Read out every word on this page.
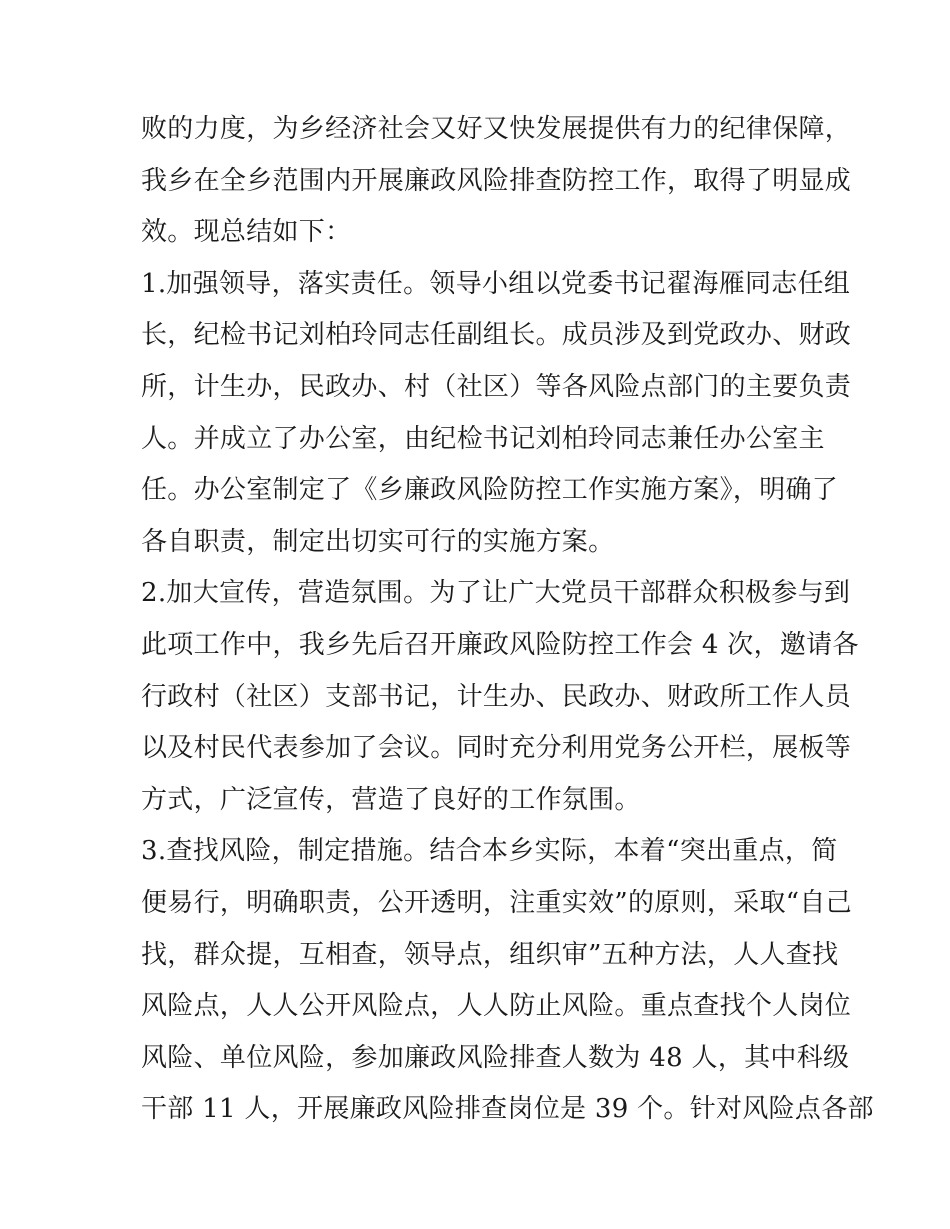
败的力度，为乡经济社会又好又快发展提供有力的纪律保障，
我乡在全乡范围内开展廉政风险排查防控工作，取得了明显成
效。现总结如下：
1.加强领导，落实责任。领导小组以党委书记翟海雁同志任组
长，纪检书记刘柏玲同志任副组长。成员涉及到党政办、财政
所，计生办，民政办、村（社区）等各风险点部门的主要负责
人。并成立了办公室，由纪检书记刘柏玲同志兼任办公室主
任。办公室制定了《乡廉政风险防控工作实施方案》，明确了
各自职责，制定出切实可行的实施方案。
2.加大宣传，营造氛围。为了让广大党员干部群众积极参与到
此项工作中，我乡先后召开廉政风险防控工作会 4 次，邀请各
行政村（社区）支部书记，计生办、民政办、财政所工作人员
以及村民代表参加了会议。同时充分利用党务公开栏，展板等
方式，广泛宣传，营造了良好的工作氛围。
3.查找风险，制定措施。结合本乡实际，本着“突出重点，简
便易行，明确职责，公开透明，注重实效”的原则，采取“自己
找，群众提，互相查，领导点，组织审”五种方法，人人查找
风险点，人人公开风险点，人人防止风险。重点查找个人岗位
风险、单位风险，参加廉政风险排查人数为 48 人，其中科级
干部 11 人，开展廉政风险排查岗位是 39 个。针对风险点各部
